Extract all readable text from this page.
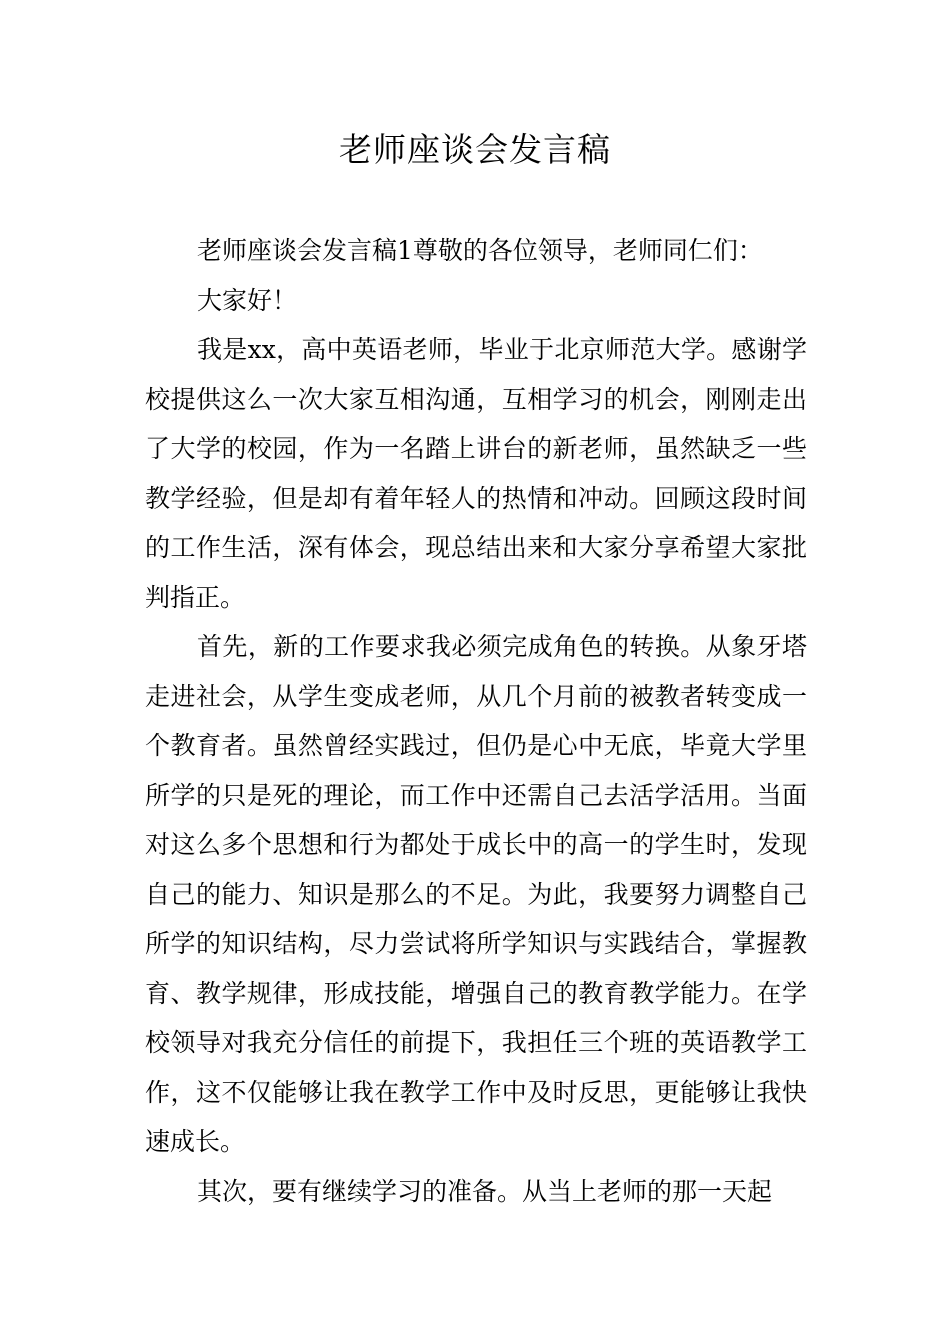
老师座谈会发言稿

老师座谈会发言稿1尊敬的各位领导，老师同仁们：

大家好！

我是xx，高中英语老师，毕业于北京师范大学。感谢学校提供这么一次大家互相沟通，互相学习的机会，刚刚走出了大学的校园，作为一名踏上讲台的新老师，虽然缺乏一些教学经验，但是却有着年轻人的热情和冲动。回顾这段时间的工作生活，深有体会，现总结出来和大家分享希望大家批判指正。

首先，新的工作要求我必须完成角色的转换。从象牙塔走进社会，从学生变成老师，从几个月前的被教者转变成一个教育者。虽然曾经实践过，但仍是心中无底，毕竟大学里所学的只是死的理论，而工作中还需自己去活学活用。当面对这么多个思想和行为都处于成长中的高一的学生时，发现自己的能力、知识是那么的不足。为此，我要努力调整自己所学的知识结构，尽力尝试将所学知识与实践结合，掌握教育、教学规律，形成技能，增强自己的教育教学能力。在学校领导对我充分信任的前提下，我担任三个班的英语教学工作，这不仅能够让我在教学工作中及时反思，更能够让我快速成长。

其次，要有继续学习的准备。从当上老师的那一天起
